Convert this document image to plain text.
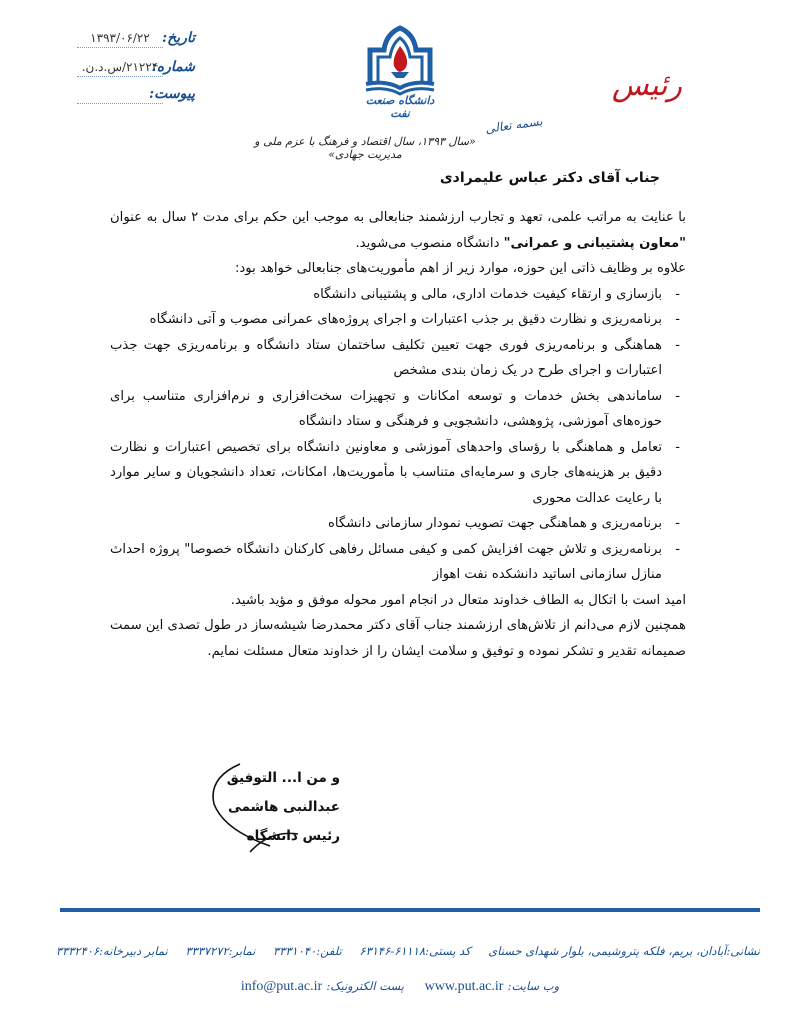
تاریخ:
۱۳۹۳/۰۶/۲۲
شماره:
۲۱۲۲۴/س.د.ن.
پیوست:	دانشگاه صنعت نفت
رئیس
بسمه تعالی
«سال ۱۳۹۳، سال اقتصاد و فرهنگ با عزم ملی و مدیریت جهادی»
جناب آقای دکتر عباس علیمرادی

با عنایت به مراتب علمی، تعهد و تجارب ارزشمند جنابعالی به موجب این حکم برای مدت ۲ سال به عنوان "معاون پشتیبانی و عمرانی" دانشگاه منصوب می‌شوید.

علاوه بر وظایف ذاتی این حوزه، موارد زیر از اهم مأموریت‌های جنابعالی خواهد بود:

-
بازسازی و ارتقاء کیفیت خدمات اداری، مالی و پشتیبانی دانشگاه
-
برنامه‌ریزی و نظارت دقیق بر جذب اعتبارات و اجرای پروژه‌های عمرانی مصوب و آتی دانشگاه
-
هماهنگی و برنامه‌ریزی فوری جهت تعیین تکلیف ساختمان ستاد دانشگاه و برنامه‌ریزی جهت جذب اعتبارات و اجرای طرح در یک زمان بندی مشخص
-
ساماندهی بخش خدمات و توسعه امکانات و تجهیزات سخت‌افزاری و نرم‌افزاری متناسب برای حوزه‌های آموزشی، پژوهشی، دانشجویی و فرهنگی و ستاد دانشگاه
-
تعامل و هماهنگی با رؤسای واحدهای آموزشی و معاونین دانشگاه برای تخصیص اعتبارات و نظارت دقیق بر هزینه‌های جاری و سرمایه‌ای متناسب با مأموریت‌ها، امکانات، تعداد دانشجویان و سایر موارد با رعایت عدالت محوری
-
برنامه‌ریزی و هماهنگی جهت تصویب نمودار سازمانی دانشگاه
-
برنامه‌ریزی و تلاش جهت افزایش کمی و کیفی مسائل رفاهی کارکنان دانشگاه خصوصا" پروژه احداث منازل سازمانی اساتید دانشکده نفت اهواز

امید است با اتکال به الطاف خداوند متعال در انجام امور محوله موفق و مؤید باشید.

همچنین لازم می‌دانم از تلاش‌های ارزشمند جناب آقای دکتر محمدرضا شیشه‌ساز در طول تصدی این سمت صمیمانه تقدیر و تشکر نموده و توفیق و سلامت ایشان را از خداوند متعال مسئلت نمایم.

و من ا... التوفیق
عبدالنبی هاشمی
رئیس دانشگاه
نشانی:آبادان، بریم، فلکه پتروشیمی، بلوار شهدای حسنای کد پستی:۶۱۱۱۸-۶۳۱۴۶ تلفن:۳۳۳۱۰۴۰ نمابر:۳۳۳۷۲۷۲ نمابر دبیرخانه:۳۳۳۲۴۰۶
وب سایت: www.put.ac.ir     پست الکترونیک: info@put.ac.ir
